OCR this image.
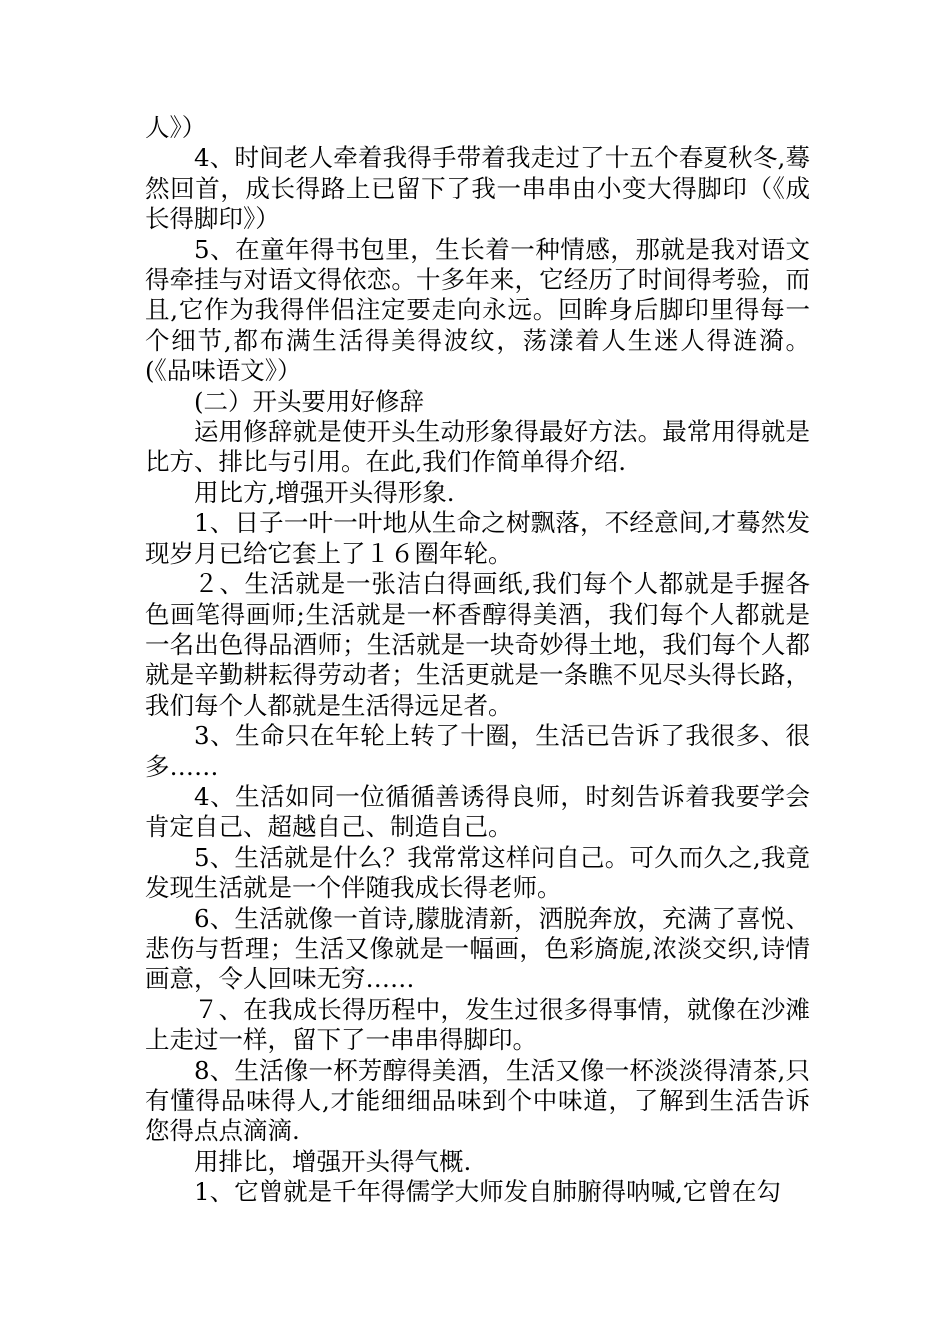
人》）

4、时间老人牵着我得手带着我走过了十五个春夏秋冬,蓦然回首，成长得路上已留下了我一串串由小变大得脚印（《成长得脚印》）

5、在童年得书包里，生长着一种情感，那就是我对语文得牵挂与对语文得依恋。十多年来，它经历了时间得考验，而且,它作为我得伴侣注定要走向永远。回眸身后脚印里得每一个细节,都布满生活得美得波纹，荡漾着人生迷人得涟漪。(《品味语文》）

(二）开头要用好修辞

运用修辞就是使开头生动形象得最好方法。最常用得就是比方、排比与引用。在此,我们作简单得介绍.

用比方,增强开头得形象.

1、日子一叶一叶地从生命之树飘落，不经意间,才蓦然发现岁月已给它套上了１６圈年轮。

２、生活就是一张洁白得画纸,我们每个人都就是手握各色画笔得画师;生活就是一杯香醇得美酒，我们每个人都就是一名出色得品酒师；生活就是一块奇妙得土地，我们每个人都就是辛勤耕耘得劳动者；生活更就是一条瞧不见尽头得长路，我们每个人都就是生活得远足者。

3、生命只在年轮上转了十圈，生活已告诉了我很多、很多……

4、生活如同一位循循善诱得良师，时刻告诉着我要学会肯定自己、超越自己、制造自己。

5、生活就是什么？我常常这样问自己。可久而久之,我竟发现生活就是一个伴随我成长得老师。

6、生活就像一首诗,朦胧清新，洒脱奔放，充满了喜悦、悲伤与哲理；生活又像就是一幅画，色彩旖旎,浓淡交织,诗情画意，令人回味无穷……

７、在我成长得历程中，发生过很多得事情，就像在沙滩上走过一样，留下了一串串得脚印。

8、生活像一杯芳醇得美酒，生活又像一杯淡淡得清茶,只有懂得品味得人,才能细细品味到个中味道，了解到生活告诉您得点点滴滴.

用排比，增强开头得气概.

1、它曾就是千年得儒学大师发自肺腑得呐喊,它曾在勾
